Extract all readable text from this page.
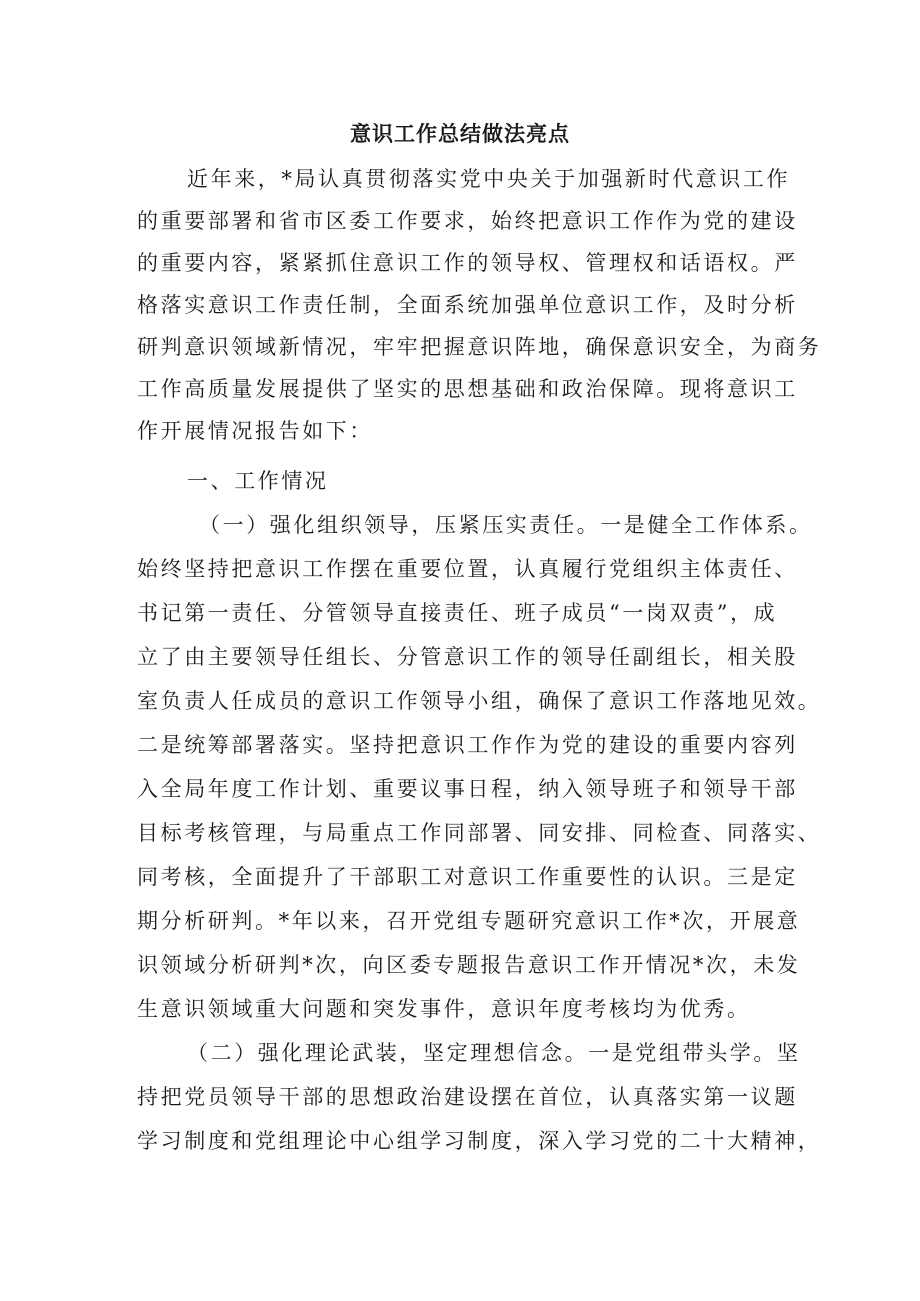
意识工作总结做法亮点
近年来，*局认真贯彻落实党中央关于加强新时代意识工作
的重要部署和省市区委工作要求，始终把意识工作作为党的建设
的重要内容，紧紧抓住意识工作的领导权、管理权和话语权。严
格落实意识工作责任制，全面系统加强单位意识工作，及时分析
研判意识领域新情况，牢牢把握意识阵地，确保意识安全，为商务
工作高质量发展提供了坚实的思想基础和政治保障。现将意识工
作开展情况报告如下：
一、工作情况
（一）强化组织领导，压紧压实责任。一是健全工作体系。
始终坚持把意识工作摆在重要位置，认真履行党组织主体责任、
书记第一责任、分管领导直接责任、班子成员“一岗双责”，成
立了由主要领导任组长、分管意识工作的领导任副组长，相关股
室负责人任成员的意识工作领导小组，确保了意识工作落地见效。
二是统筹部署落实。坚持把意识工作作为党的建设的重要内容列
入全局年度工作计划、重要议事日程，纳入领导班子和领导干部
目标考核管理，与局重点工作同部署、同安排、同检查、同落实、
同考核，全面提升了干部职工对意识工作重要性的认识。三是定
期分析研判。*年以来，召开党组专题研究意识工作*次，开展意
识领域分析研判*次，向区委专题报告意识工作开情况*次，未发
生意识领域重大问题和突发事件，意识年度考核均为优秀。
（二）强化理论武装，坚定理想信念。一是党组带头学。坚
持把党员领导干部的思想政治建设摆在首位，认真落实第一议题
学习制度和党组理论中心组学习制度，深入学习党的二十大精神，
